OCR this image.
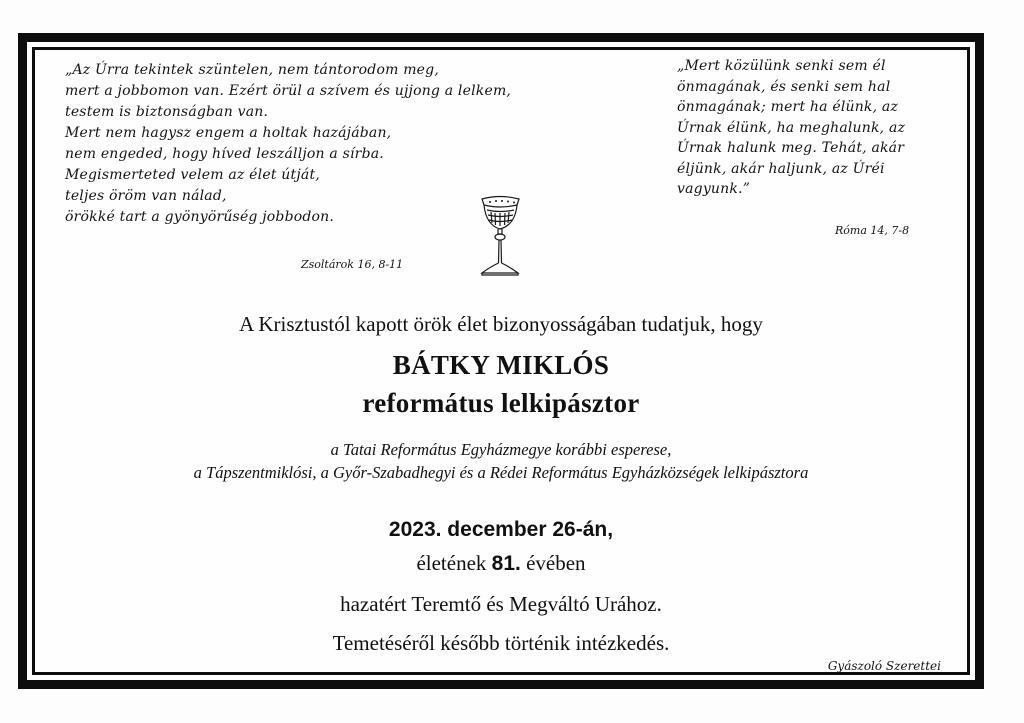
„Az Úrra tekintek szüntelen, nem tántorodom meg,
mert a jobbomon van. Ezért örül a szívem és ujjong a lelkem,
testem is biztonságban van.
Mert nem hagysz engem a holtak hazájában,
nem engeded, hogy híved leszálljon a sírba.
Megismerteted velem az élet útját,
teljes öröm van nálad,
örökké tart a gyönyörűség jobbodon.
Zsoltárok 16, 8-11
„Mert közülünk senki sem él
önmagának, és senki sem hal
önmagának; mert ha élünk, az
Úrnak élünk, ha meghalunk, az
Úrnak halunk meg. Tehát, akár
éljünk, akár haljunk, az Úréi
vagyunk.”
Róma 14, 7-8
A Krisztustól kapott örök élet bizonyosságában tudatjuk, hogy
BÁTKY MIKLÓS
református lelkipásztor
a Tatai Református Egyházmegye korábbi esperese,
a Tápszentmiklósi, a Győr-Szabadhegyi és a Rédei Református Egyházközségek lelkipásztora
2023. december 26-án,
életének 81. évében
hazatért Teremtő és Megváltó Urához.
Temetéséről később történik intézkedés.
Gyászoló Szerettei
